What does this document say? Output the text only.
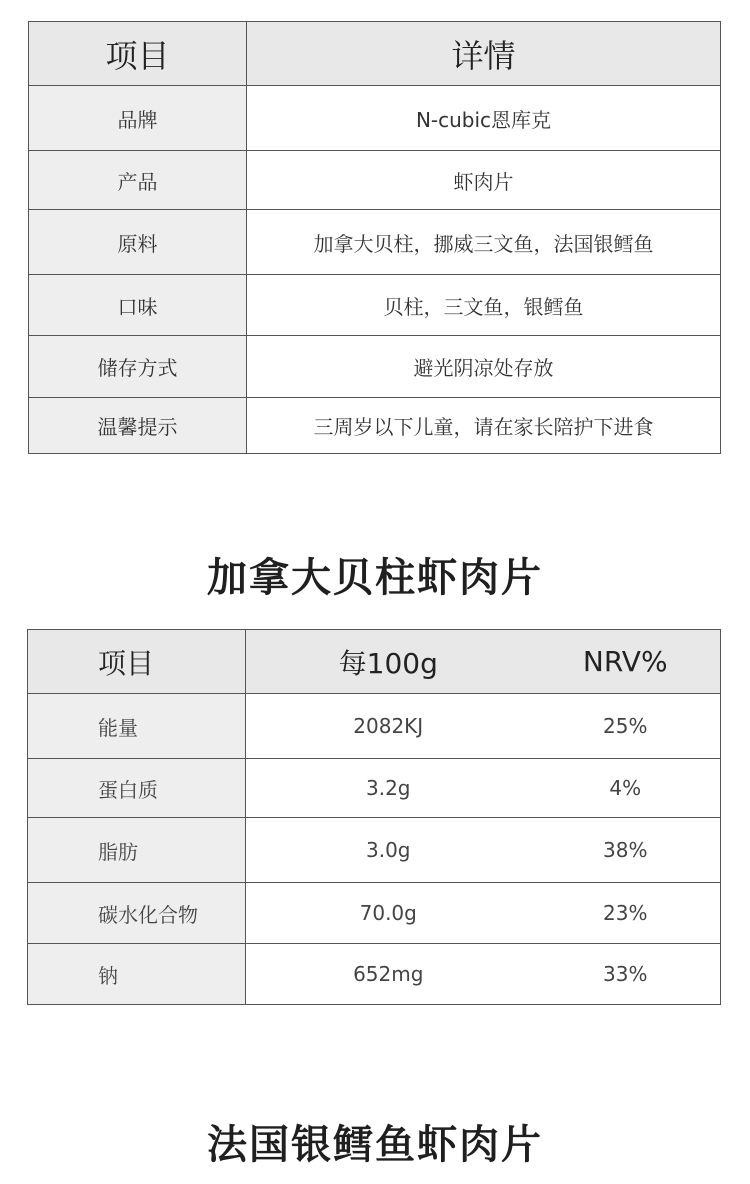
项目	详情
品牌	N-cubic恩库克
产品	虾肉片
原料	加拿大贝柱，挪威三文鱼，法国银鳕鱼
口味	贝柱，三文鱼，银鳕鱼
储存方式	避光阴凉处存放
温馨提示	三周岁以下儿童，请在家长陪护下进食
加拿大贝柱虾肉片
项目	每100g	NRV%
能量	2082KJ	25%
蛋白质	3.2g	4%
脂肪	3.0g	38%
碳水化合物	70.0g	23%
钠	652mg	33%
法国银鳕鱼虾肉片
